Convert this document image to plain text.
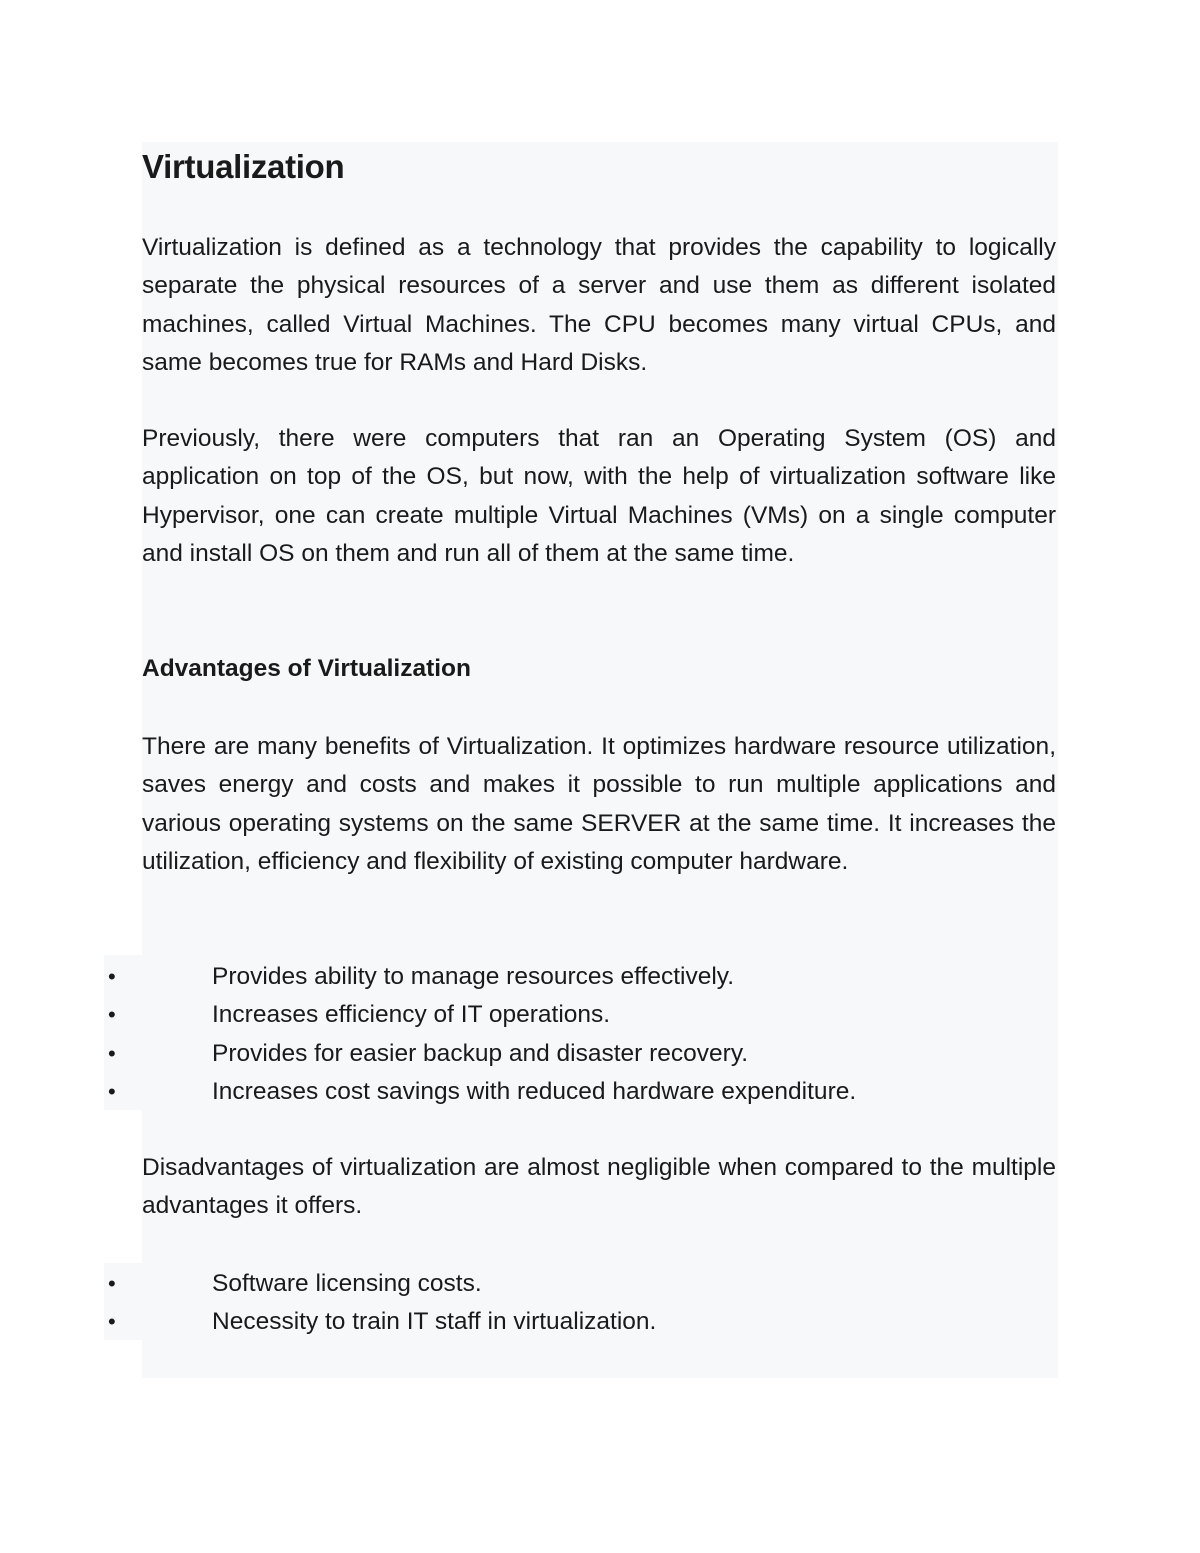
Virtualization

Virtualization is defined as a technology that provides the capability to logically separate the physical resources of a server and use them as different isolated machines, called Virtual Machines. The CPU becomes many virtual CPUs, and same becomes true for RAMs and Hard Disks.

Previously, there were computers that ran an Operating System (OS) and application on top of the OS, but now, with the help of virtualization software like Hypervisor, one can create multiple Virtual Machines (VMs) on a single computer and install OS on them and run all of them at the same time.

Advantages of Virtualization

There are many benefits of Virtualization. It optimizes hardware resource utilization, saves energy and costs and makes it possible to run multiple applications and various operating systems on the same SERVER at the same time. It increases the utilization, efficiency and flexibility of existing computer hardware.

•	Provides ability to manage resources effectively.
•	Increases efficiency of IT operations.
•	Provides for easier backup and disaster recovery.
•	Increases cost savings with reduced hardware expenditure.

Disadvantages of virtualization are almost negligible when compared to the multiple advantages it offers.

•	Software licensing costs.
•	Necessity to train IT staff in virtualization.
